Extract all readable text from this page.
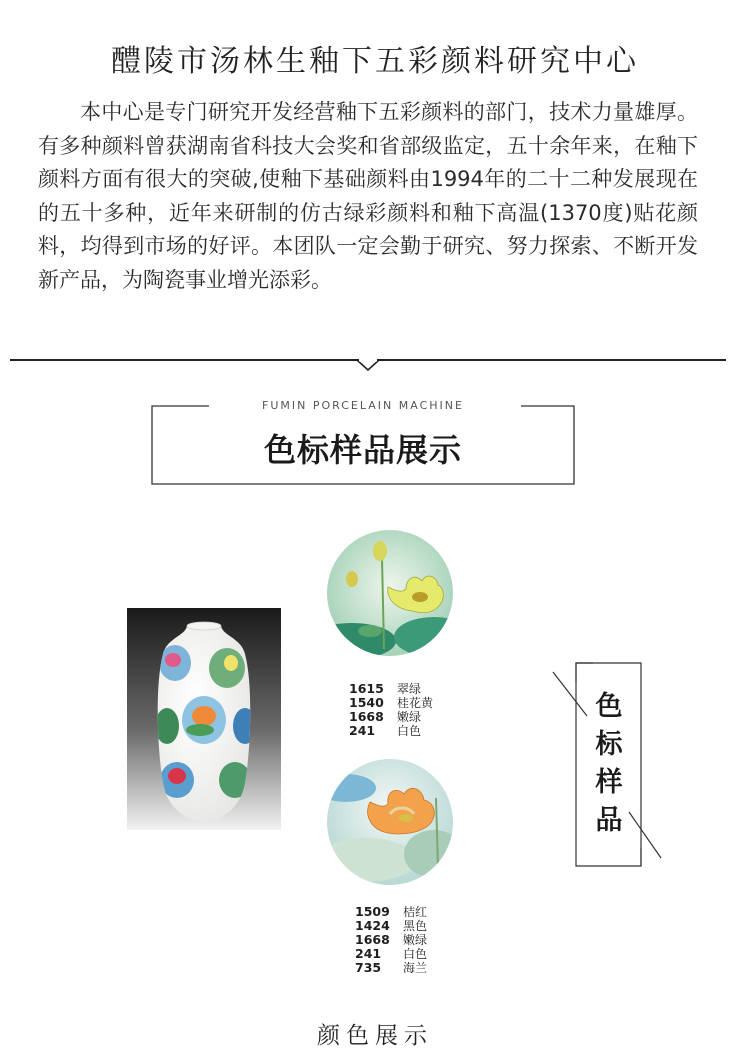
醴陵市汤林生釉下五彩颜料研究中心

本中心是专门研究开发经营釉下五彩颜料的部门，技术力量雄厚。有多种颜料曾获湖南省科技大会奖和省部级监定，五十余年来，在釉下颜料方面有很大的突破,使釉下基础颜料由1994年的二十二种发展现在的五十多种，近年来研制的仿古绿彩颜料和釉下高温(1370度)贴花颜料，均得到市场的好评。本团队一定会勤于研究、努力探索、不断开发新产品，为陶瓷事业增光添彩。

FUMIN PORCELAIN MACHINE
色标样品展示
1615	翠绿
1540	桂花黄
1668	嫩绿
241	白色
1509	桔红
1424	黑色
1668	嫩绿
241	白色
735	海兰
色
标
样
品
颜色展示
